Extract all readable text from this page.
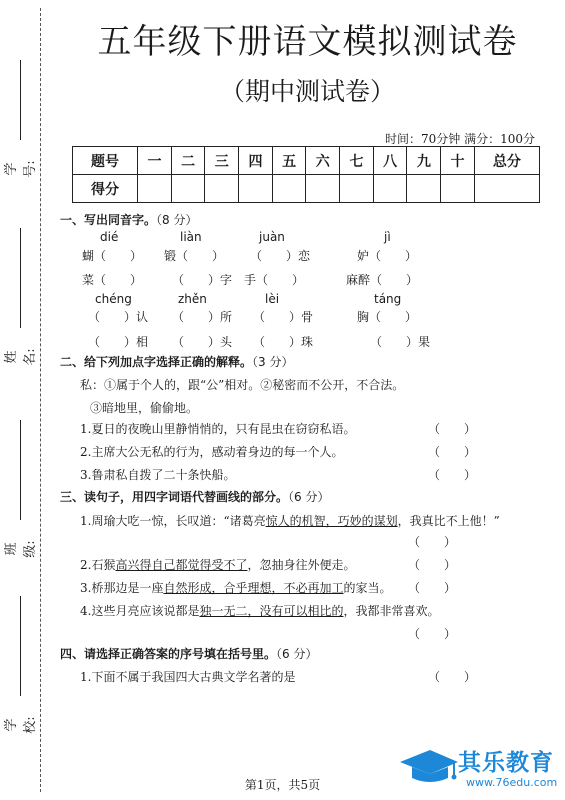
学号:
姓名:
班级:
学校:
五年级下册语文模拟测试卷
（期中测试卷）
时间：70分钟 满分：100分
题号	一	二	三	四	五	六	七	八	九	十	总分
得分											
一、写出同音字。（8 分）
dié	liàn	juàn	jì
蝴（　　） 锻（　　） （　　）恋	妒（　　）
菜（　　） （　　）字　手（　　）	麻醉（　　）
chéng	zhěn	lèi	táng
（　　）认 （　　）所 （　　）骨	胸（　　）
（　　）相 （　　）头 （　　）珠	（　　）果
二、给下列加点字选择正确的解释。（3 分）
私：①属于个人的，跟“公”相对。②秘密而不公开，不合法。
③暗地里，偷偷地。
1.夏日的夜晚山里静悄悄的，只有昆虫在窃窃私语。	（　　）
2.主席大公无私的行为，感动着身边的每一个人。	（　　）
3.鲁肃私自拨了二十条快船。	（　　）
三、读句子，用四字词语代替画线的部分。（6 分）
1.周瑜大吃一惊，长叹道：“诸葛亮惊人的机智，巧妙的谋划，我真比不上他！”
（　　）
2.石猴高兴得自己都觉得受不了，忽抽身往外便走。	（　　）
3.桥那边是一座自然形成，合乎理想，不必再加工的家当。 （　　）
4.这些月亮应该说都是独一无二，没有可以相比的，我都非常喜欢。
（　　）
四、请选择正确答案的序号填在括号里。（6 分）
1.下面不属于我国四大古典文学名著的是	（　　）
其乐教育
www.76edu.com
第1页，共5页
